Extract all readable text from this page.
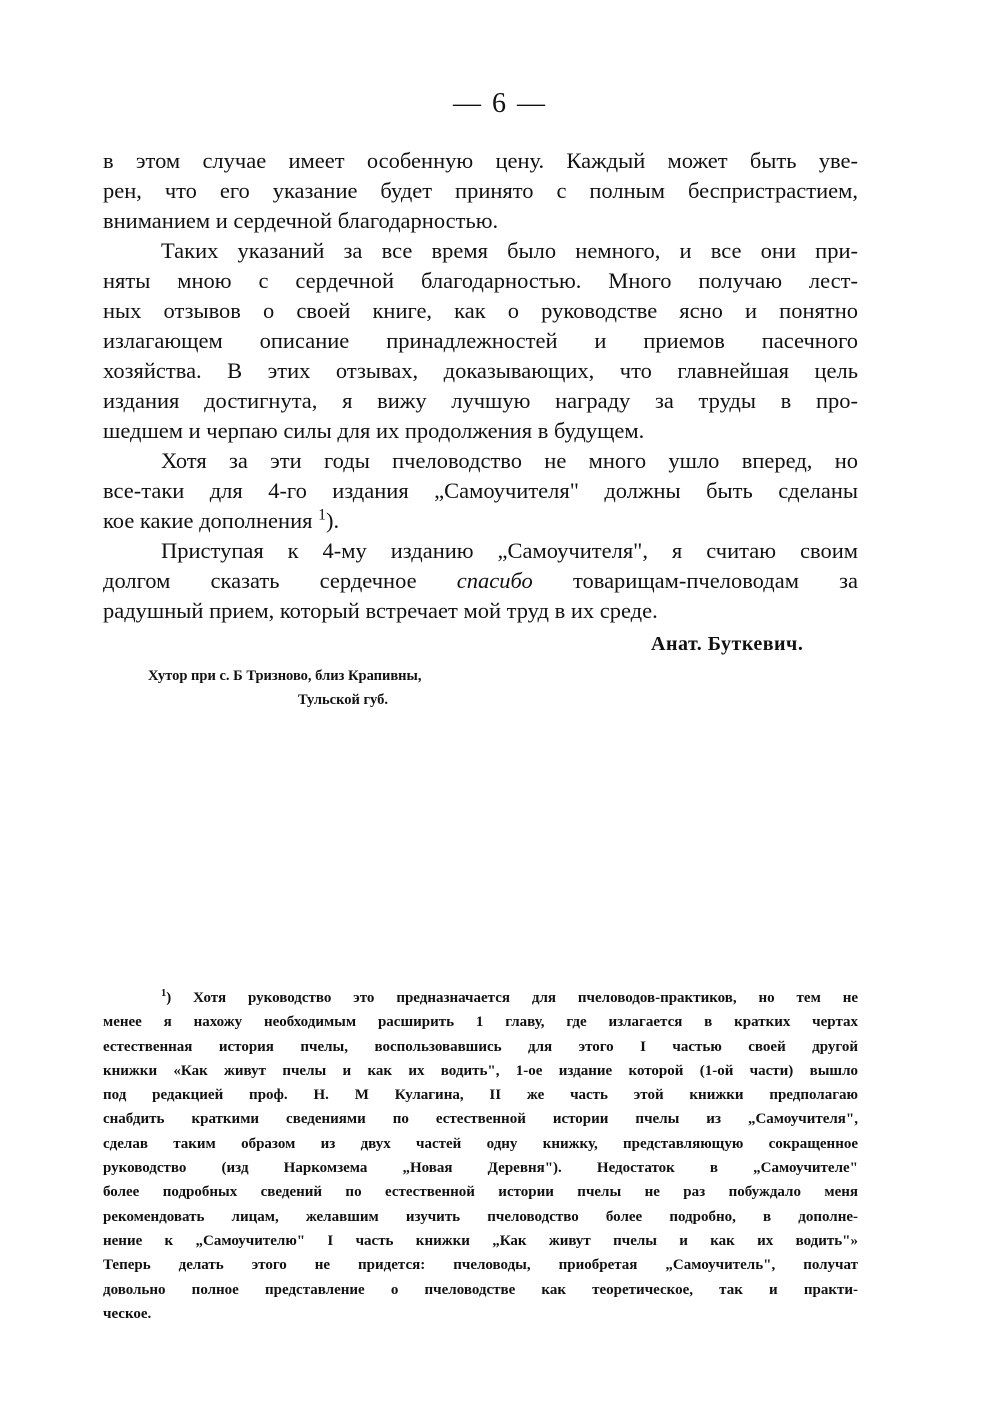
— 6 —
в этом случае имеет особенную цену. Каждый может быть уве-
рен, что его указание будет принято с полным беспристрастием,
вниманием и сердечной благодарностью.
Таких указаний за все время было немного, и все они при-
няты мною с сердечной благодарностью. Много получаю лест-
ных отзывов о своей книге, как о руководстве ясно и понятно
излагающем описание принадлежностей и приемов пасечного
хозяйства. В этих отзывах, доказывающих, что главнейшая цель
издания достигнута, я вижу лучшую награду за труды в про-
шедшем и черпаю силы для их продолжения в будущем.
Хотя за эти годы пчеловодство не много ушло вперед, но
все-таки для 4-го издания „Самоучителя" должны быть сделаны
кое какие дополнения $^1$).
Приступая к 4-му изданию „Самоучителя", я считаю своим
долгом сказать сердечное спасибо товарищам-пчеловодам за
радушный прием, который встречает мой труд в их среде.
Анат. Буткевич.
Хутор при с. Б Тризново, близ Крапивны,
Тульской губ.
$^1$) Хотя руководство это предназначается для пчеловодов-практиков, но тем не
менее я нахожу необходимым расширить 1 главу, где излагается в кратких чертах
естественная история пчелы, воспользовавшись для этого I частью своей другой
книжки «Как живут пчелы и как их водить", 1-ое издание которой (1-ой части) вышло
под редакцией проф. Н. М Кулагина, II же часть этой книжки предполагаю
снабдить краткими сведениями по естественной истории пчелы из „Самоучителя",
сделав таким образом из двух частей одну книжку, представляющую сокращенное
руководство (изд Наркомзема „Новая Деревня"). Недостаток в „Самоучителе"
более подробных сведений по естественной истории пчелы не раз побуждало меня
рекомендовать лицам, желавшим изучить пчеловодство более подробно, в дополне-
нение к „Самоучителю" I часть книжки „Как живут пчелы и как их водить"»
Теперь делать этого не придется: пчеловоды, приобретая „Самоучитель", получат
довольно полное представление о пчеловодстве как теоретическое, так и практи-
ческое.
